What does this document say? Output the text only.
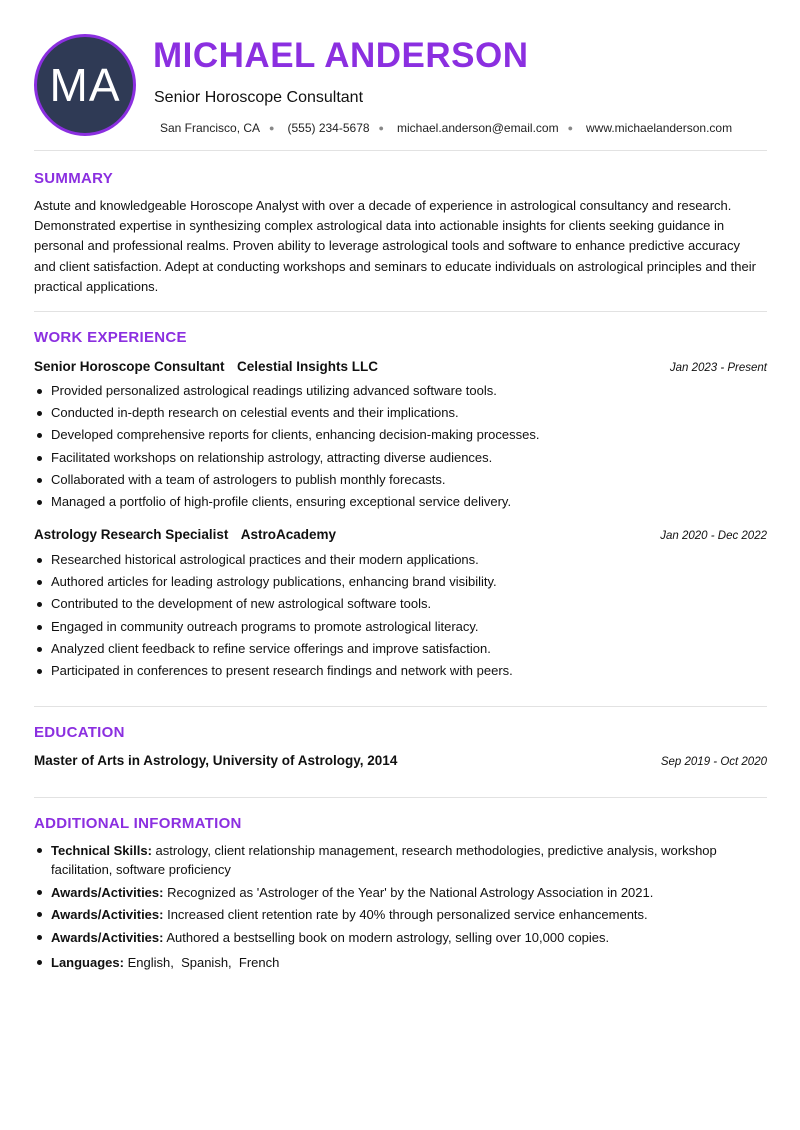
MA
MICHAEL ANDERSON
Senior Horoscope Consultant
San Francisco, CA ● (555) 234-5678 ● michael.anderson@email.com ● www.michaelanderson.com
SUMMARY

Astute and knowledgeable Horoscope Analyst with over a decade of experience in astrological consultancy and research. Demonstrated expertise in synthesizing complex astrological data into actionable insights for clients seeking guidance in personal and professional realms. Proven ability to leverage astrological tools and software to enhance predictive accuracy and client satisfaction. Adept at conducting workshops and seminars to educate individuals on astrological principles and their practical applications.

WORK EXPERIENCE
Senior Horoscope Consultant Celestial Insights LLC	Jan 2023 - Present
Provided personalized astrological readings utilizing advanced software tools.
Conducted in-depth research on celestial events and their implications.
Developed comprehensive reports for clients, enhancing decision-making processes.
Facilitated workshops on relationship astrology, attracting diverse audiences.
Collaborated with a team of astrologers to publish monthly forecasts.
Managed a portfolio of high-profile clients, ensuring exceptional service delivery.
Astrology Research Specialist AstroAcademy	Jan 2020 - Dec 2022
Researched historical astrological practices and their modern applications.
Authored articles for leading astrology publications, enhancing brand visibility.
Contributed to the development of new astrological software tools.
Engaged in community outreach programs to promote astrological literacy.
Analyzed client feedback to refine service offerings and improve satisfaction.
Participated in conferences to present research findings and network with peers.
EDUCATION
Master of Arts in Astrology, University of Astrology, 2014	Sep 2019 - Oct 2020
ADDITIONAL INFORMATION
Technical Skills: astrology, client relationship management, research methodologies, predictive analysis, workshop facilitation, software proficiency
Awards/Activities: Recognized as 'Astrologer of the Year' by the National Astrology Association in 2021.
Awards/Activities: Increased client retention rate by 40% through personalized service enhancements.
Awards/Activities: Authored a bestselling book on modern astrology, selling over 10,000 copies.
Languages: English,  Spanish,  French
